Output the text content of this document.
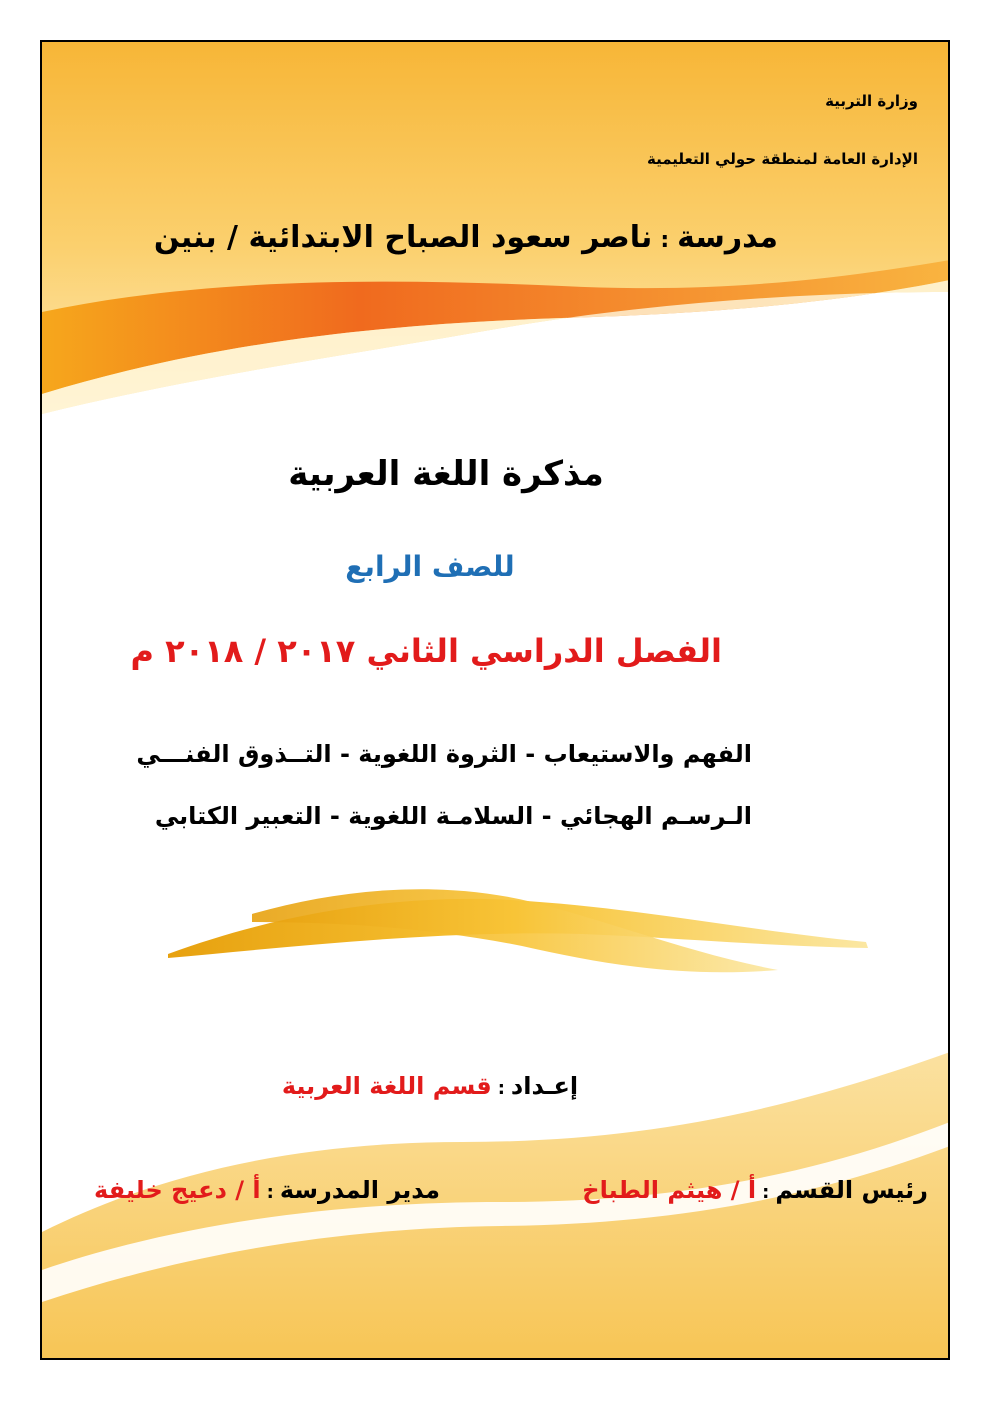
وزارة التربية
الإدارة العامة لمنطقة حولي التعليمية
مدرسة:ناصر سعود الصباح الابتدائية / بنين
مذكرة اللغة العربية
للصف الرابع
الفصل الدراسي الثاني ٢٠١٧ / ٢٠١٨ م
الفهم والاستيعاب - الثروة اللغوية - التــذوق الفنـــي
الـرسـم الهجائي - السلامـة اللغوية - التعبير الكتابي
إعـداد:قسم اللغة العربية
رئيس القسم:أ / هيثم الطباخ
مدير المدرسة:أ / دعيج خليفة
